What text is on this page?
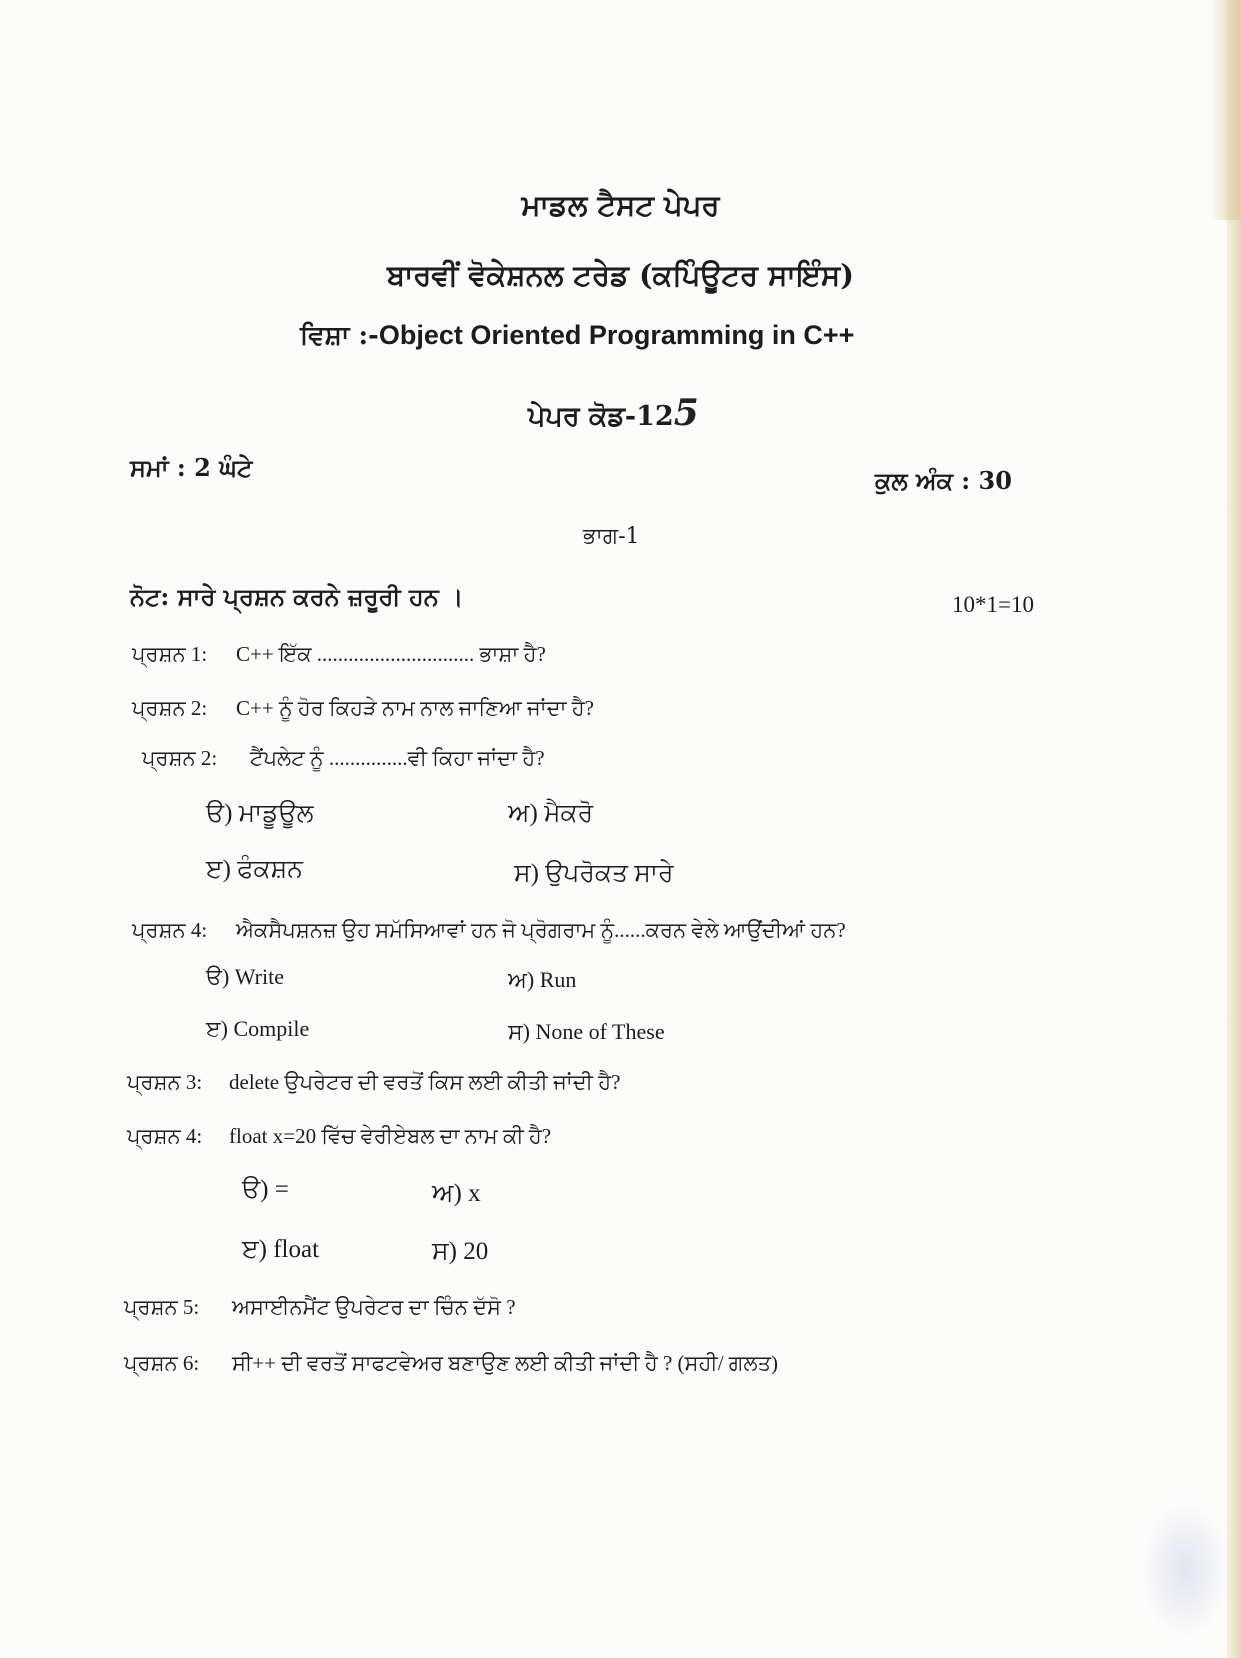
ਮਾਡਲ ਟੈਸਟ ਪੇਪਰ
ਬਾਰਵੀਂ ਵੋਕੇਸ਼ਨਲ ਟਰੇਡ (ਕਪਿੰਊਟਰ ਸਾਇੰਸ)
ਵਿਸ਼ਾ :-Object Oriented Programming in C++
ਪੇਪਰ ਕੋਡ-125
ਸਮਾਂ : 2 ਘੰਟੇ	ਕੁਲ ਅੰਕ : 30
ਭਾਗ-1
ਨੋਟ: ਸਾਰੇ ਪ੍ਰਸ਼ਨ ਕਰਨੇ ਜ਼ਰੂਰੀ ਹਨ ।	10*1=10
ਪ੍ਰਸ਼ਨ 1: C++ ਇੱਕ .............................. ਭਾਸ਼ਾ ਹੈ?
ਪ੍ਰਸ਼ਨ 2: C++ ਨੂੰ ਹੋਰ ਕਿਹੜੇ ਨਾਮ ਨਾਲ ਜਾਣਿਆ ਜਾਂਦਾ ਹੈ?
ਪ੍ਰਸ਼ਨ 2: ਟੈਂਪਲੇਟ ਨੂੰ ...............ਵੀ ਕਿਹਾ ਜਾਂਦਾ ਹੈ?
ੳ) ਮਾਡੂਊਲ	ਅ) ਮੈਕਰੋ
ੲ) ਫੰਕਸ਼ਨ	ਸ) ਉਪਰੋਕਤ ਸਾਰੇ
ਪ੍ਰਸ਼ਨ 4: ਐਕਸੈਪਸ਼ਨਜ਼ ਉਹ ਸਮੱਸਿਆਵਾਂ ਹਨ ਜੋ ਪ੍ਰੋਗਰਾਮ ਨੂੰ......ਕਰਨ ਵੇਲੇ ਆਉਂਦੀਆਂ ਹਨ?
ੳ) Write	ਅ) Run
ੲ) Compile	ਸ) None of These
ਪ੍ਰਸ਼ਨ 3: delete ਉਪਰੇਟਰ ਦੀ ਵਰਤੋਂ ਕਿਸ ਲਈ ਕੀਤੀ ਜਾਂਦੀ ਹੈ?
ਪ੍ਰਸ਼ਨ 4: float x=20 ਵਿੱਚ ਵੇਰੀਏਬਲ ਦਾ ਨਾਮ ਕੀ ਹੈ?
ੳ) =	ਅ) x
ੲ) float	ਸ) 20
ਪ੍ਰਸ਼ਨ 5: ਅਸਾਈਨਮੈਂਟ ਉਪਰੇਟਰ ਦਾ ਚਿੰਨ ਦੱਸੋ ?
ਪ੍ਰਸ਼ਨ 6: ਸੀ++ ਦੀ ਵਰਤੋਂ ਸਾਫਟਵੇਅਰ ਬਣਾਉਣ ਲਈ ਕੀਤੀ ਜਾਂਦੀ ਹੈ ? (ਸਹੀ/ ਗਲਤ)
